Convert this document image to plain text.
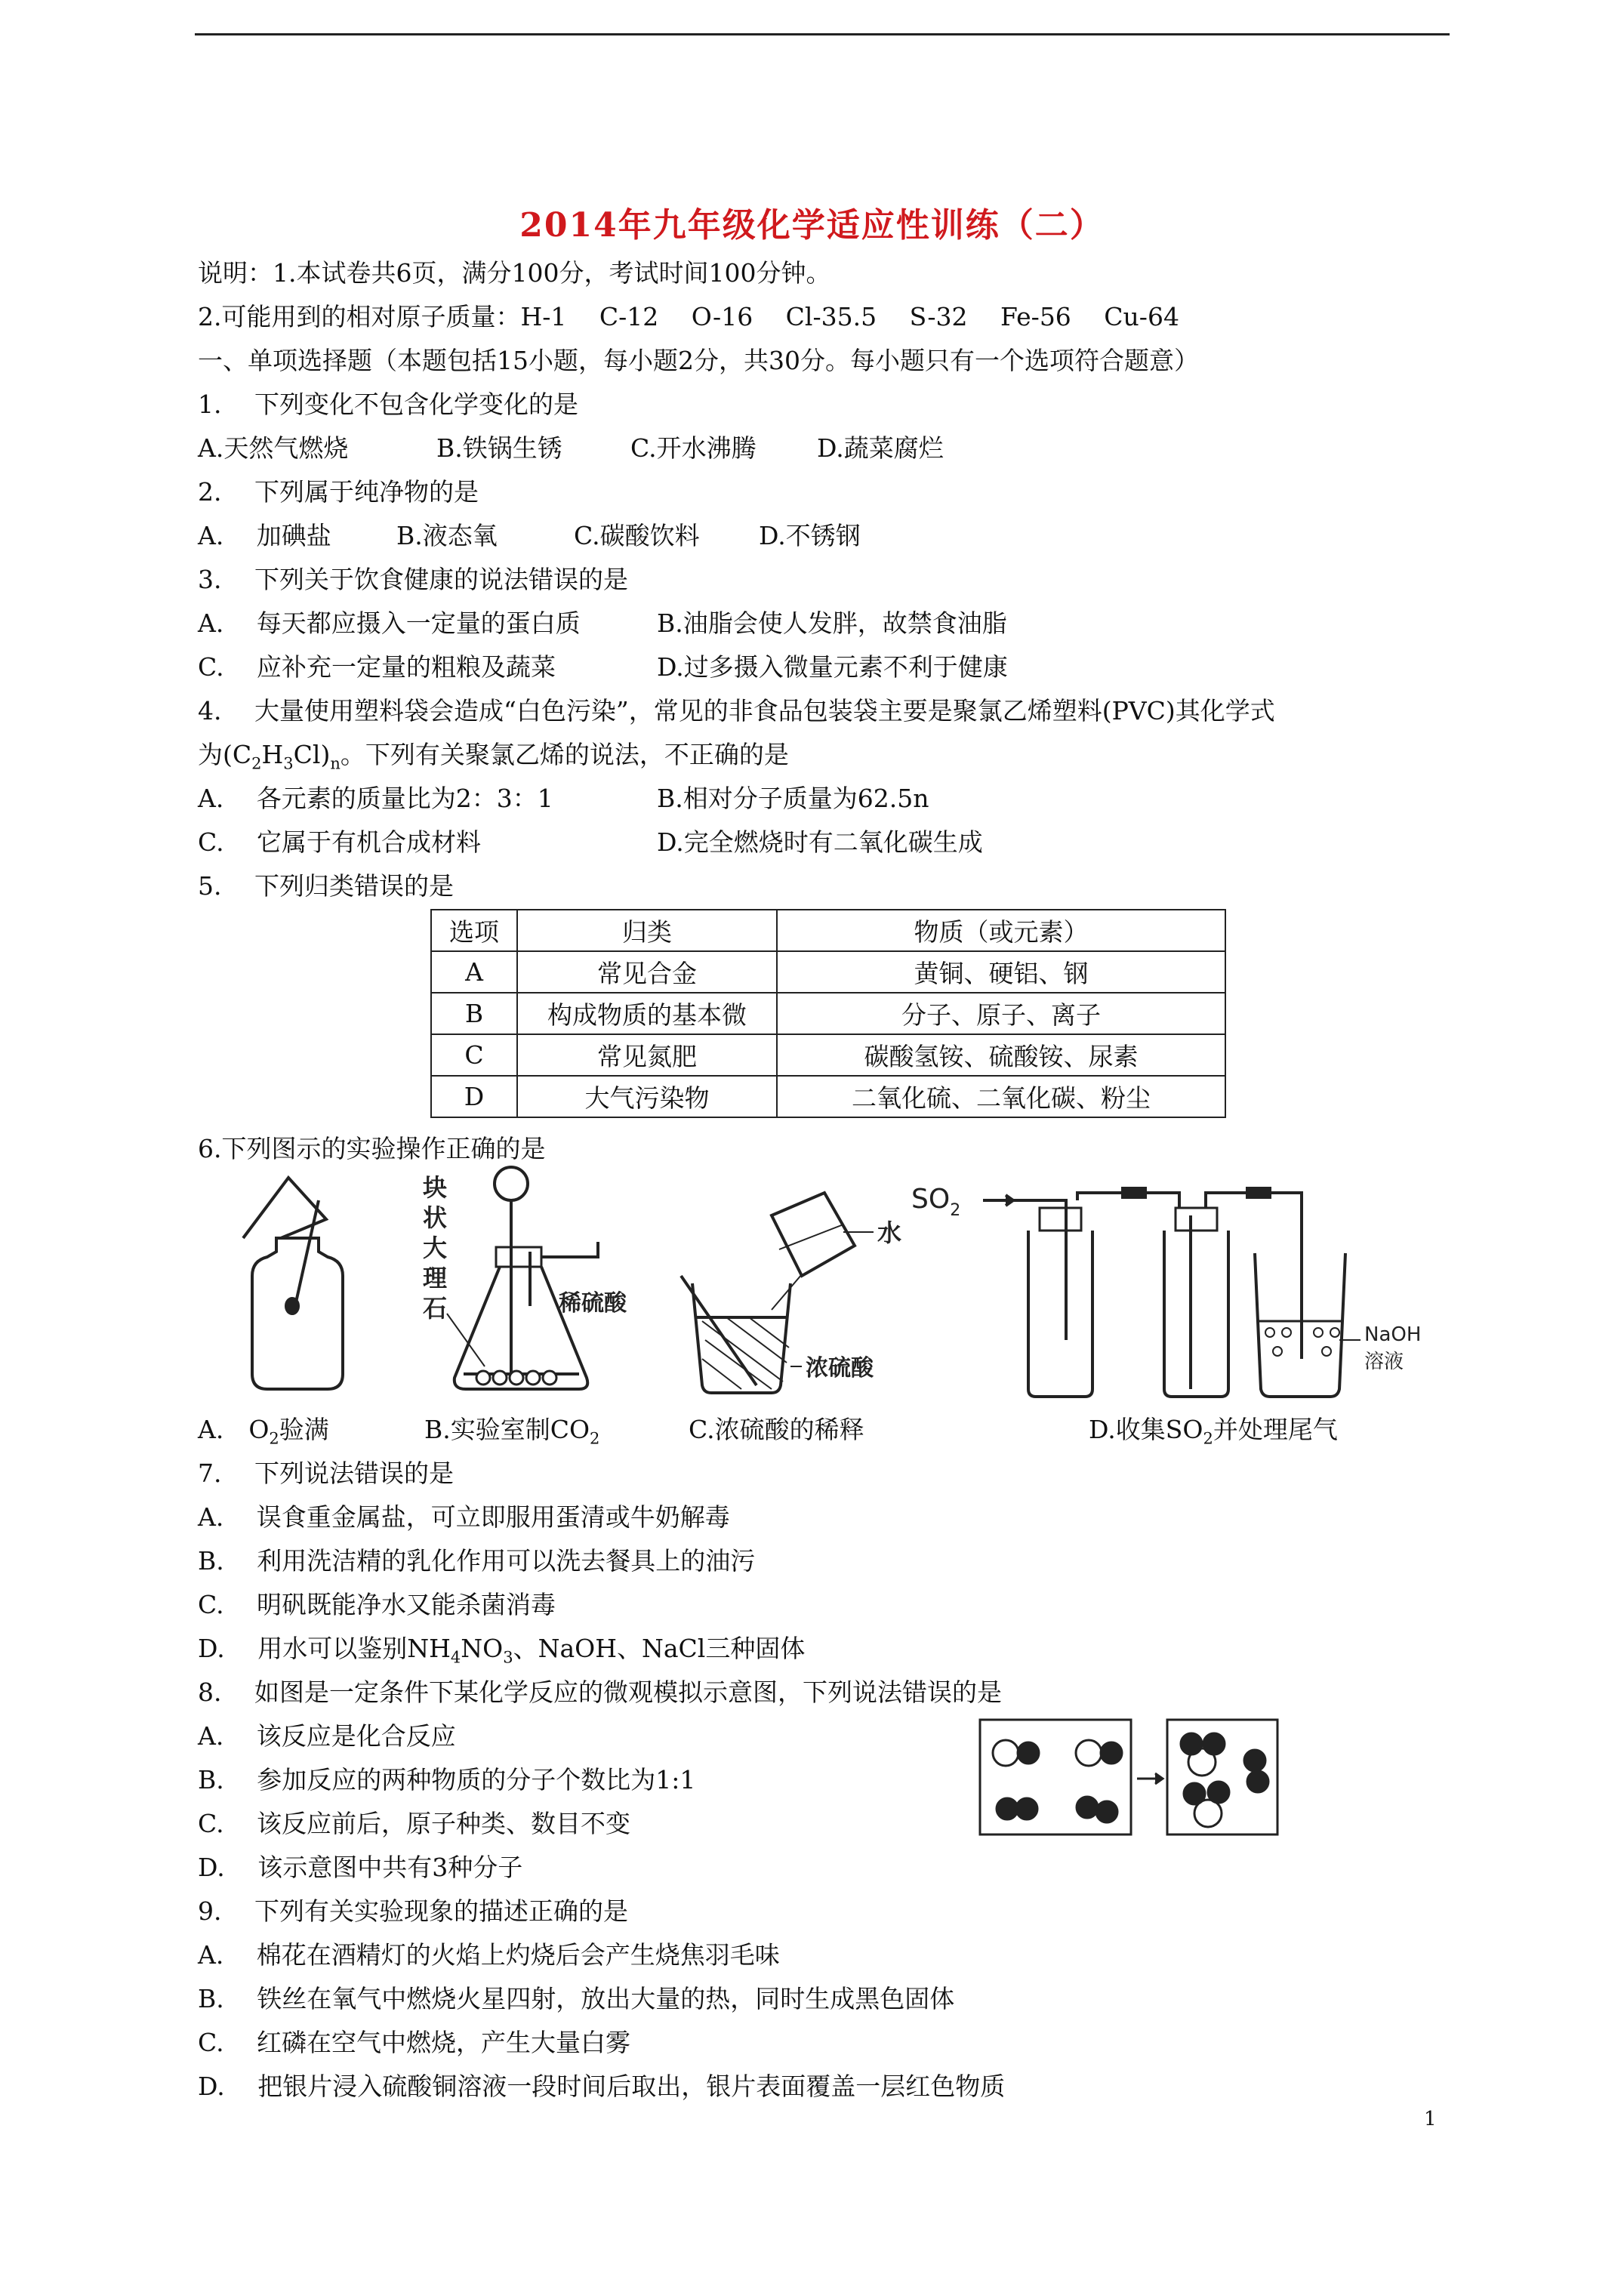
2014年九年级化学适应性训练（二）
说明：1.本试卷共6页，满分100分，考试时间100分钟。
2.可能用到的相对原子质量：H-1　 C-12　 O-16　 Cl-35.5　 S-32　 Fe-56　 Cu-64
一、单项选择题（本题包括15小题，每小题2分，共30分。每小题只有一个选项符合题意）
1.　 下列变化不包含化学变化的是
A.天然气燃烧	B.铁锅生锈	C.开水沸腾 D.蔬菜腐烂
2.　 下列属于纯净物的是
A.　 加碘盐	B.液态氧	C.碳酸饮料 D.不锈钢
3.　 下列关于饮食健康的说法错误的是
A.　 每天都应摄入一定量的蛋白质	B.油脂会使人发胖，故禁食油脂
C.　 应补充一定量的粗粮及蔬菜	D.过多摄入微量元素不利于健康
4.　 大量使用塑料袋会造成“白色污染”，常见的非食品包装袋主要是聚氯乙烯塑料(PVC)其化学式
为$(C_2H_3Cl)_n$。下列有关聚氯乙烯的说法，不正确的是
A.　 各元素的质量比为2：3：1	B.相对分子质量为62.5n
C.　 它属于有机合成材料	D.完全燃烧时有二氧化碳生成
5.　 下列归类错误的是
选项	归类	物质（或元素）
A	常见合金	黄铜、硬铝、钢
B	构成物质的基本微	分子、原子、离子
C	常见氮肥	碳酸氢铵、硫酸铵、尿素
D	大气污染物	二氧化硫、二氧化碳、粉尘
6.下列图示的实验操作正确的是
块
状
大
理
石	稀硫酸
水
浓硫酸
$SO_2$
NaOH
溶液
A.　$O_2$验满	B.实验室制$CO_2$	C.浓硫酸的稀释	D.收集$SO_2$并处理尾气
7.　 下列说法错误的是
A.　 误食重金属盐，可立即服用蛋清或牛奶解毒
B.　 利用洗洁精的乳化作用可以洗去餐具上的油污
C.　 明矾既能净水又能杀菌消毒
D.　 用水可以鉴别$NH_4NO_3$、NaOH、NaCl三种固体
8.　 如图是一定条件下某化学反应的微观模拟示意图，下列说法错误的是
A.　 该反应是化合反应
B.　 参加反应的两种物质的分子个数比为1:1
C.　 该反应前后，原子种类、数目不变
D.　 该示意图中共有3种分子
9.　 下列有关实验现象的描述正确的是
A.　 棉花在酒精灯的火焰上灼烧后会产生烧焦羽毛味
B.　 铁丝在氧气中燃烧火星四射，放出大量的热，同时生成黑色固体
C.　 红磷在空气中燃烧，产生大量白雾
D.　 把银片浸入硫酸铜溶液一段时间后取出，银片表面覆盖一层红色物质
1
